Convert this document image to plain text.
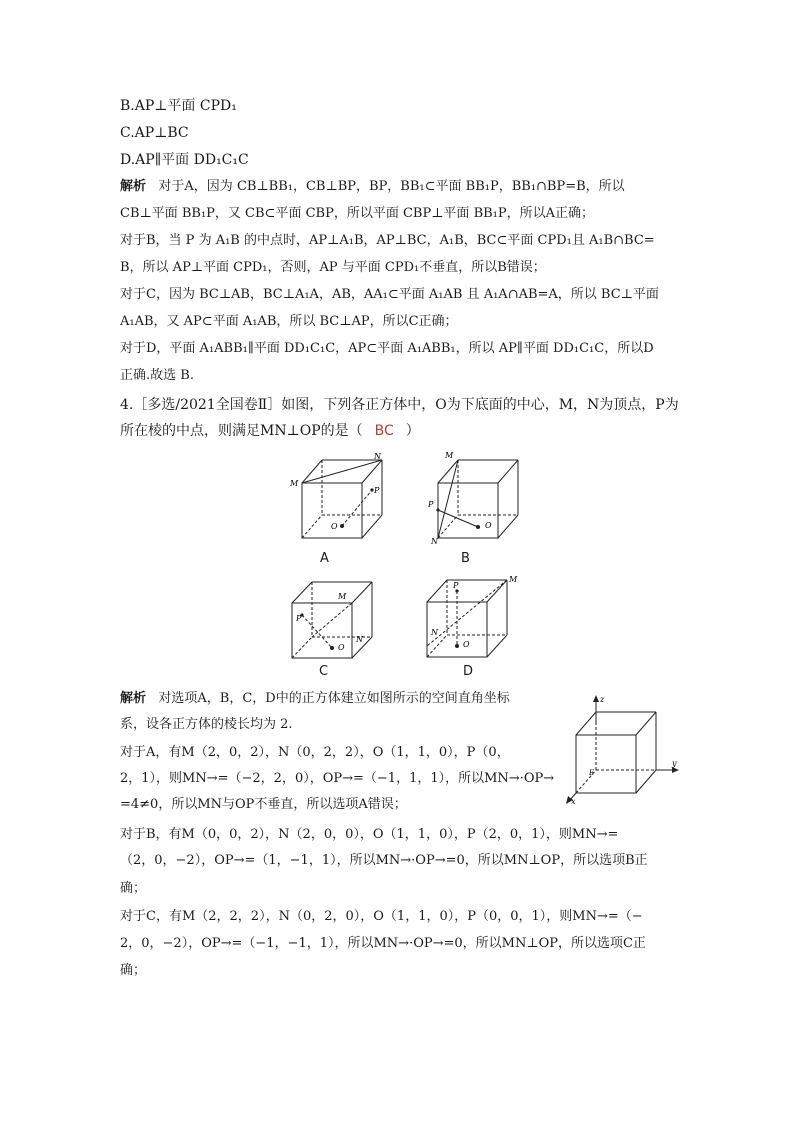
B.AP⊥平面 CPD₁
C.AP⊥BC
D.AP∥平面 DD₁C₁C
解析 对于A，因为 CB⊥BB₁，CB⊥BP，BP，BB₁⊂平面 BB₁P，BB₁∩BP=B，所以
CB⊥平面 BB₁P，又 CB⊂平面 CBP，所以平面 CBP⊥平面 BB₁P，所以A正确；
对于B，当 P 为 A₁B 的中点时，AP⊥A₁B，AP⊥BC，A₁B，BC⊂平面 CPD₁且 A₁B∩BC=
B，所以 AP⊥平面 CPD₁，否则，AP 与平面 CPD₁不垂直，所以B错误；
对于C，因为 BC⊥AB，BC⊥A₁A，AB，AA₁⊂平面 A₁AB 且 A₁A∩AB=A，所以 BC⊥平面
A₁AB，又 AP⊂平面 A₁AB，所以 BC⊥AP，所以C正确；
对于D，平面 A₁ABB₁∥平面 DD₁C₁C，AP⊂平面 A₁ABB₁，所以 AP∥平面 DD₁C₁C，所以D
正确.故选 B.
4.［多选/2021全国卷Ⅱ］如图，下列各正方体中，O为下底面的中心，M，N为顶点，P为
所在棱的中点，则满足MN⊥OP的是（ BC ）
M
N
P
O
A
M
P
O
N
B
M
P
O
N
C
M
P
O
N
D
解析 对选项A，B，C，D中的正方体建立如图所示的空间直角坐标
系，设各正方体的棱长均为 2.
对于A，有M（2，0，2），N（0，2，2），O（1，1，0），P（0，
2，1），则MN→=（−2，2，0），OP→=（−1，1，1），所以MN→·OP→
=4≠0，所以MN与OP不垂直，所以选项A错误；
对于B，有M（0，0，2），N（2，0，0），O（1，1，0），P（2，0，1），则MN→=
（2，0，−2），OP→=（1，−1，1），所以MN→·OP→=0，所以MN⊥OP，所以选项B正
确；
对于C，有M（2，2，2），N（0，2，0），O（1，1，0），P（0，0，1），则MN→=（−
2，0，−2），OP→=（−1，−1，1），所以MN→·OP→=0，所以MN⊥OP，所以选项C正
确；
z
y
x
E
